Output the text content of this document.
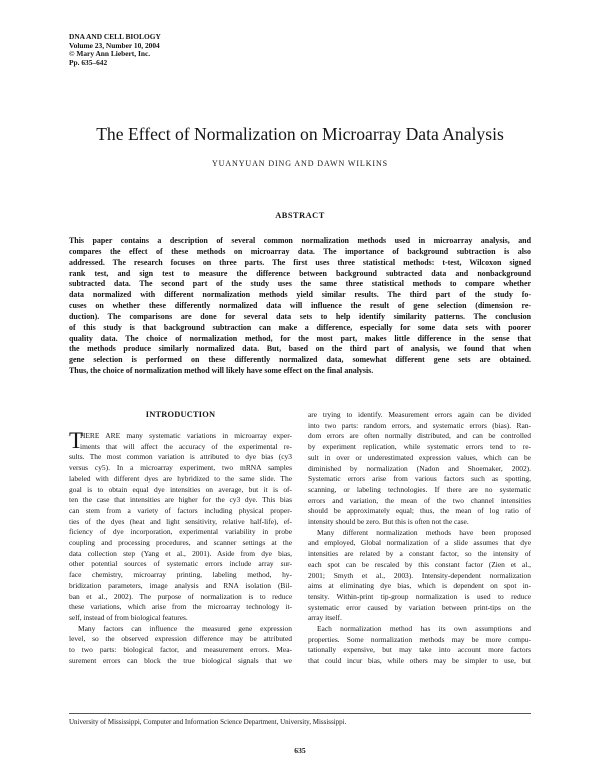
DNA AND CELL BIOLOGY
Volume 23, Number 10, 2004
© Mary Ann Liebert, Inc.
Pp. 635–642
The Effect of Normalization on Microarray Data Analysis
YUANYUAN DING AND DAWN WILKINS
ABSTRACT
This paper contains a description of several common normalization methods used in microarray analysis, and
compares the effect of these methods on microarray data. The importance of background subtraction is also
addressed. The research focuses on three parts. The first uses three statistical methods: t-test, Wilcoxon signed
rank test, and sign test to measure the difference between background subtracted data and nonbackground
subtracted data. The second part of the study uses the same three statistical methods to compare whether
data normalized with different normalization methods yield similar results. The third part of the study fo-
cuses on whether these differently normalized data will influence the result of gene selection (dimension re-
duction). The comparisons are done for several data sets to help identify similarity patterns. The conclusion
of this study is that background subtraction can make a difference, especially for some data sets with poorer
quality data. The choice of normalization method, for the most part, makes little difference in the sense that
the methods produce similarly normalized data. But, based on the third part of analysis, we found that when
gene selection is performed on these differently normalized data, somewhat different gene sets are obtained.
Thus, the choice of normalization method will likely have some effect on the final analysis.
INTRODUCTION
T
HERE ARE many systematic variations in microarray exper-
iments that will affect the accuracy of the experimental re-
sults. The most common variation is attributed to dye bias (cy3
versus cy5). In a microarray experiment, two mRNA samples
labeled with different dyes are hybridized to the same slide. The
goal is to obtain equal dye intensities on average, but it is of-
ten the case that intensities are higher for the cy3 dye. This bias
can stem from a variety of factors including physical proper-
ties of the dyes (heat and light sensitivity, relative half-life), ef-
ficiency of dye incorporation, experimental variability in probe
coupling and processing procedures, and scanner settings at the
data collection step (Yang et al., 2001). Aside from dye bias,
other potential sources of systematic errors include array sur-
face chemistry, microarray printing, labeling method, hy-
bridization parameters, image analysis and RNA isolation (Bil-
ban et al., 2002). The purpose of normalization is to reduce
these variations, which arise from the microarray technology it-
self, instead of from biological features.
Many factors can influence the measured gene expression
level, so the observed expression difference may be attributed
to two parts: biological factor, and measurement errors. Mea-
surement errors can block the true biological signals that we
are trying to identify. Measurement errors again can be divided
into two parts: random errors, and systematic errors (bias). Ran-
dom errors are often normally distributed, and can be controlled
by experiment replication, while systematic errors tend to re-
sult in over or underestimated expression values, which can be
diminished by normalization (Nadon and Shoemaker, 2002).
Systematic errors arise from various factors such as spotting,
scanning, or labeling technologies. If there are no systematic
errors and variation, the mean of the two channel intensities
should be approximately equal; thus, the mean of log ratio of
intensity should be zero. But this is often not the case.
Many different normalization methods have been proposed
and employed, Global normalization of a slide assumes that dye
intensities are related by a constant factor, so the intensity of
each spot can be rescaled by this constant factor (Zien et al.,
2001; Smyth et al., 2003). Intensity-dependent normalization
aims at eliminating dye bias, which is dependent on spot in-
tensity. Within-print tip-group normalization is used to reduce
systematic error caused by variation between print-tips on the
array itself.
Each normalization method has its own assumptions and
properties. Some normalization methods may be more compu-
tationally expensive, but may take into account more factors
that could incur bias, while others may be simpler to use, but
University of Mississippi, Computer and Information Science Department, University, Mississippi.
635
